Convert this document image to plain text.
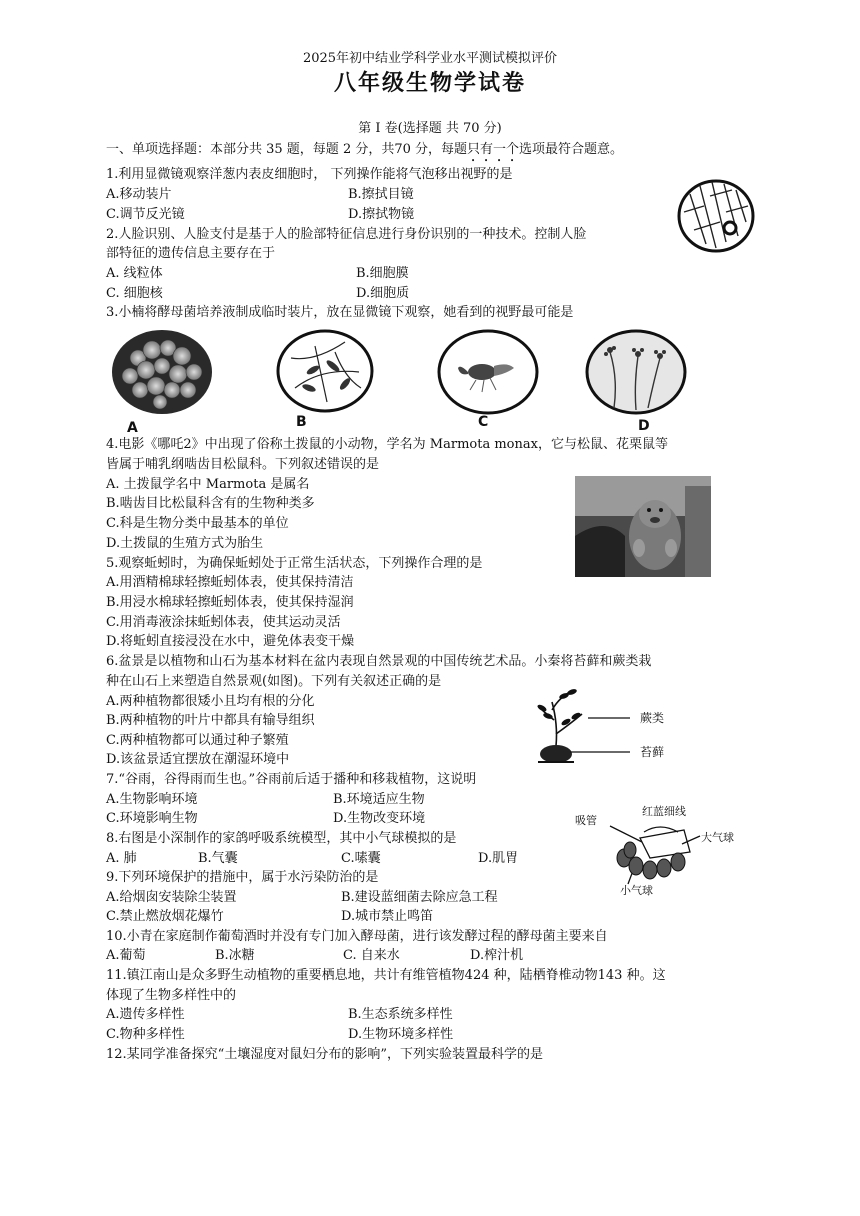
2025年初中结业学科学业水平测试模拟评价
八年级生物学试卷
第 Ⅰ 卷(选择题 共 70 分)
一、单项选择题：本部分共 35 题，每题 2 分，共70 分，每题只有一个选项最符合题意。
1.利用显微镜观察洋葱内表皮细胞时， 下列操作能将气泡移出视野的是
A.移动装片	B.擦拭目镜
C.调节反光镜	D.擦拭物镜
2.人脸识别、人脸支付是基于人的脸部特征信息进行身份识别的一种技术。控制人脸
部特征的遗传信息主要存在于
A. 线粒体	B.细胞膜
C. 细胞核	D.细胞质
3.小楠将酵母菌培养液制成临时装片，放在显微镜下观察，她看到的视野最可能是
A	B	C	D
4.电影《哪吒2》中出现了俗称土拨鼠的小动物，学名为 Marmota monax，它与松鼠、花栗鼠等
皆属于哺乳纲啮齿目松鼠科。下列叙述错误的是
A. 土拨鼠学名中 Marmota 是属名
B.啮齿目比松鼠科含有的生物种类多
C.科是生物分类中最基本的单位
D.土拨鼠的生殖方式为胎生
5.观察蚯蚓时，为确保蚯蚓处于正常生活状态，下列操作合理的是
A.用酒精棉球轻擦蚯蚓体表，使其保持清洁
B.用浸水棉球轻擦蚯蚓体表，使其保持湿润
C.用消毒液涂抹蚯蚓体表，使其运动灵活
D.将蚯蚓直接浸没在水中，避免体表变干燥
6.盆景是以植物和山石为基本材料在盆内表现自然景观的中国传统艺术品。小秦将苔藓和蕨类栽
种在山石上来塑造自然景观(如图)。下列有关叙述正确的是
A.两种植物都很矮小且均有根的分化
B.两种植物的叶片中都具有输导组织
C.两种植物都可以通过种子繁殖
D.该盆景适宜摆放在潮湿环境中
蕨类
苔藓
7.“谷雨，谷得雨而生也。”谷雨前后适于播种和移栽植物，这说明
A.生物影响环境	B.环境适应生物
C.环境影响生物	D.生物改变环境
8.右图是小深制作的家鸽呼吸系统模型，其中小气球模拟的是
A. 肺	B.气囊	C.嗉囊	D.肌胃
吸管
红蓝细线
大气球
小气球
9.下列环境保护的措施中，属于水污染防治的是
A.给烟囱安装除尘装置	B.建设蓝细菌去除应急工程
C.禁止燃放烟花爆竹	D.城市禁止鸣笛
10.小青在家庭制作葡萄酒时并没有专门加入酵母菌，进行该发酵过程的酵母菌主要来自
A.葡萄	B.冰糖	C. 自来水	D.榨汁机
11.镇江南山是众多野生动植物的重要栖息地，共计有维管植物424 种，陆栖脊椎动物143 种。这
体现了生物多样性中的
A.遗传多样性	B.生态系统多样性
C.物种多样性	D.生物环境多样性
12.某同学准备探究“土壤湿度对鼠妇分布的影响”，下列实验装置最科学的是
